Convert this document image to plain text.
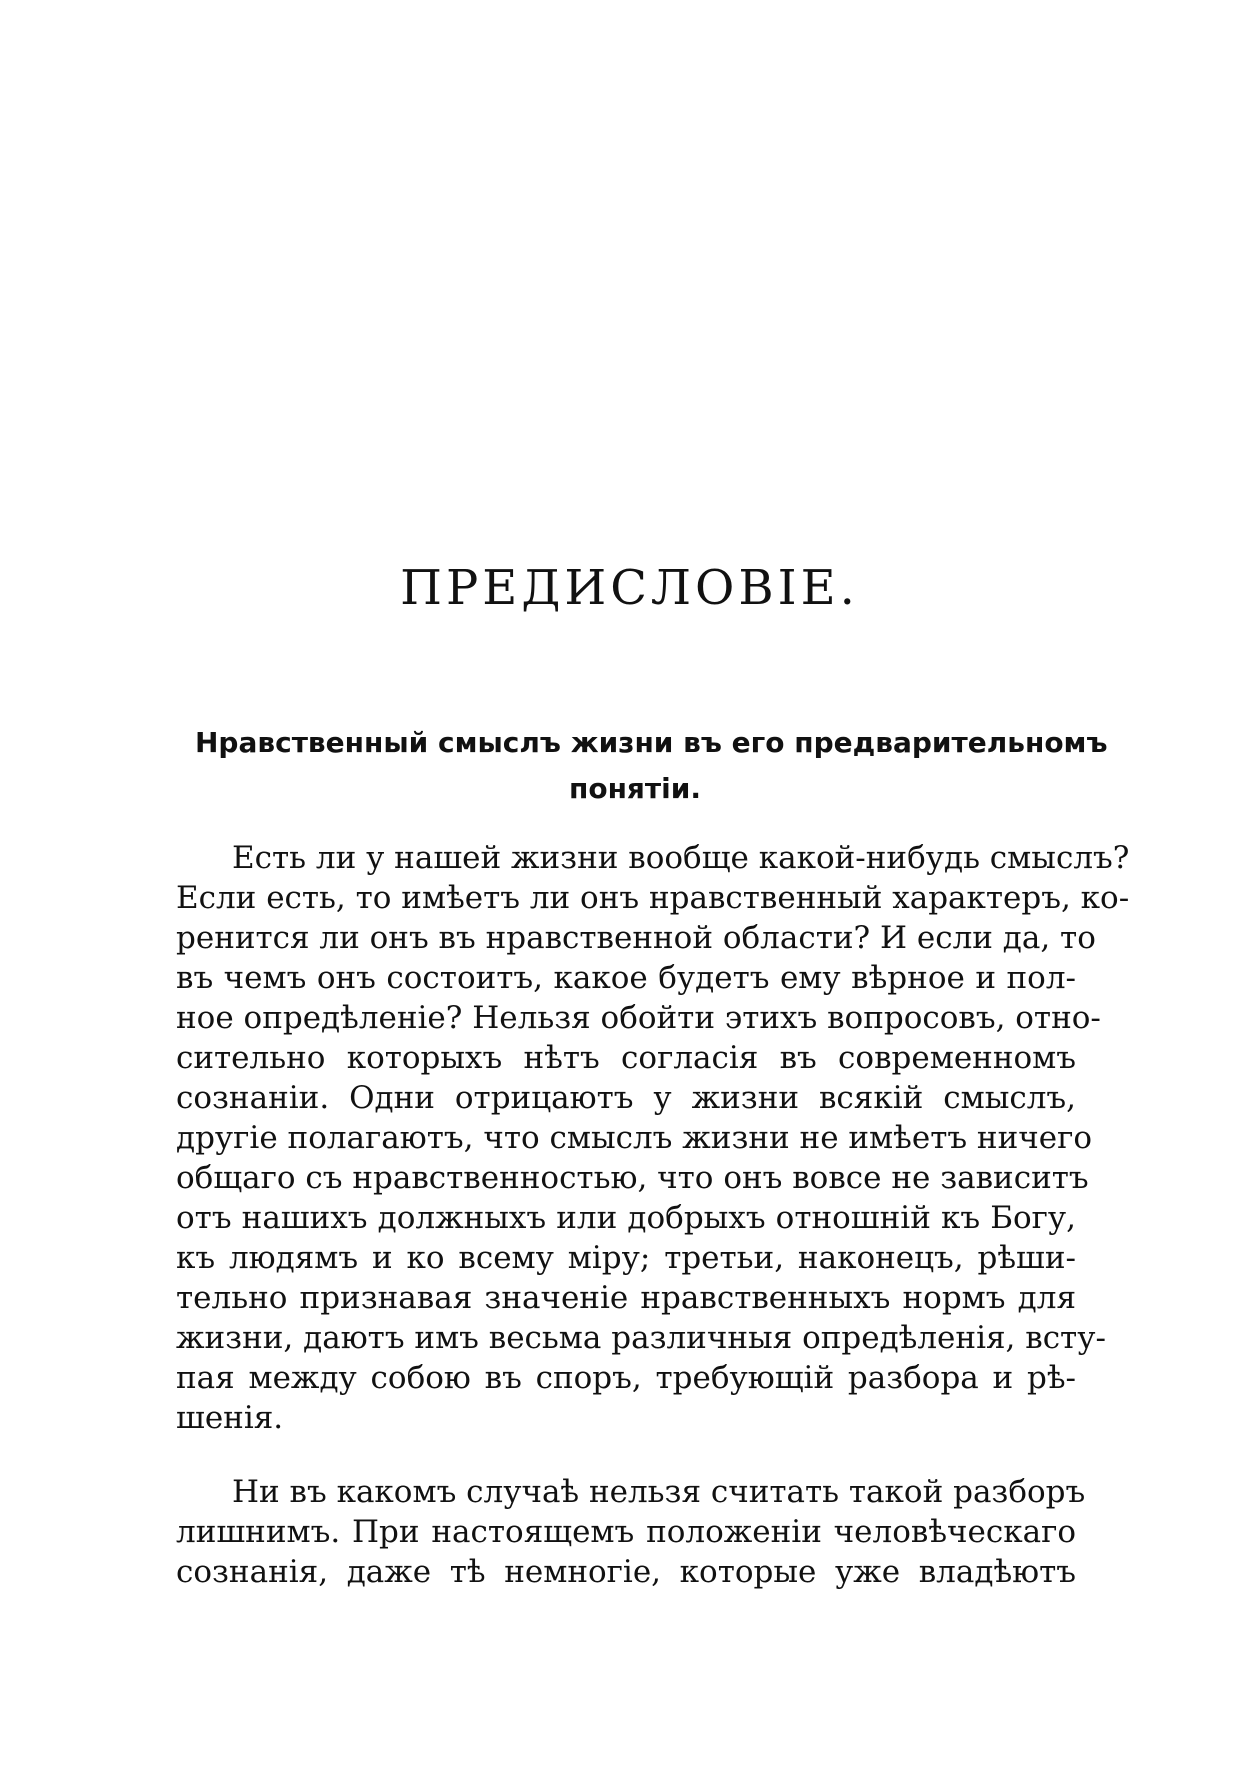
ПРЕДИСЛОВІЕ.
Нравственный смыслъ жизни въ его предварительномъ
понятіи.
Есть ли у нашей жизни вообще какой-нибудь смыслъ?
Если есть, то имѣетъ ли онъ нравственный характеръ, ко-
ренится ли онъ въ нравственной области? И если да, то
въ чемъ онъ состоитъ, какое будетъ ему вѣрное и пол-
ное опредѣленіе? Нельзя обойти этихъ вопросовъ, отно-
сительно которыхъ нѣтъ согласія въ современномъ
сознаніи. Одни отрицаютъ у жизни всякій смыслъ,
другіе полагаютъ, что смыслъ жизни не имѣетъ ничего
общаго съ нравственностью, что онъ вовсе не зависитъ
отъ нашихъ должныхъ или добрыхъ отношній къ Богу,
къ людямъ и ко всему міру; третьи, наконецъ, рѣши-
тельно признавая значеніе нравственныхъ нормъ для
жизни, даютъ имъ весьма различныя опредѣленія, всту-
пая между собою въ споръ, требующій разбора и рѣ-
шенія.
Ни въ какомъ случаѣ нельзя считать такой разборъ
лишнимъ. При настоящемъ положеніи человѣческаго
сознанія, даже тѣ немногіе, которые уже владѣютъ
